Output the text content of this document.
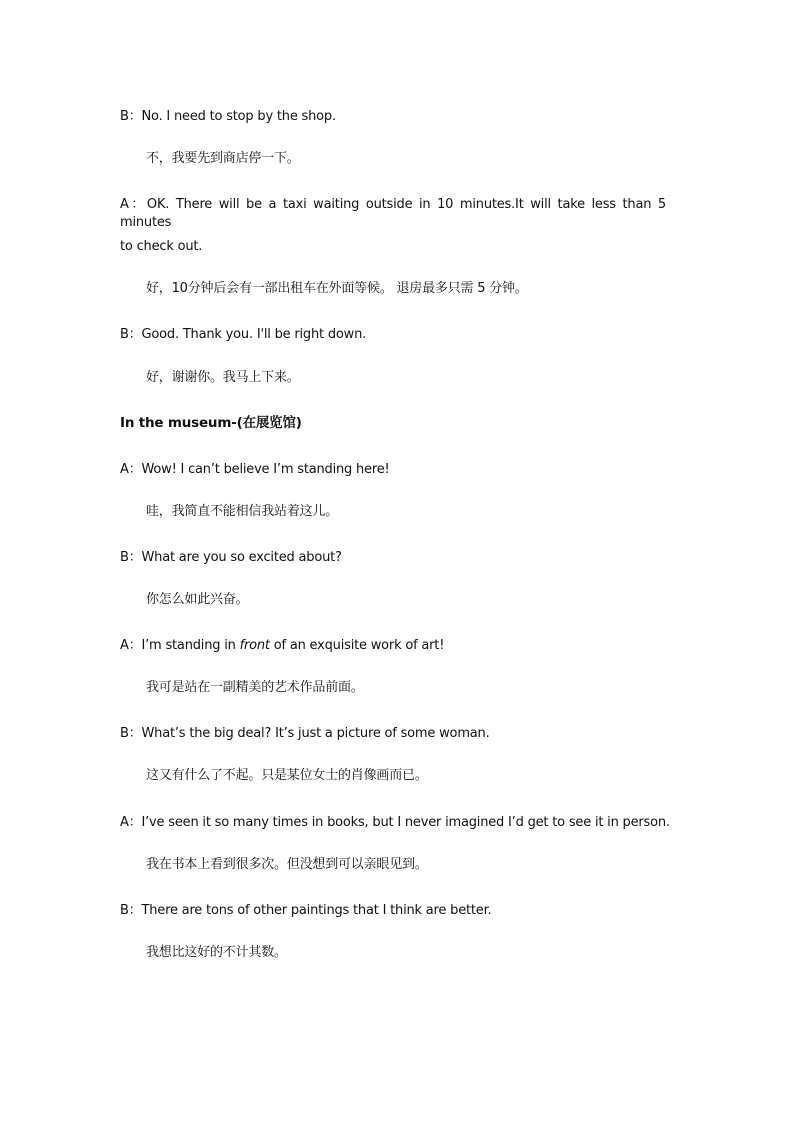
B：No. I need to stop by the shop.
不，我要先到商店停一下。
A：OK. There will be a taxi waiting outside in 10 minutes.It will take less than 5 minutes
to check out.
好，10分钟后会有一部出租车在外面等候。 退房最多只需 5 分钟。
B：Good. Thank you. I'll be right down.
好，谢谢你。我马上下来。
In the museum-(在展览馆)
A：Wow! I can’t believe I’m standing here!
哇，我简直不能相信我站着这儿。
B：What are you so excited about?
你怎么如此兴奋。
A：I’m standing in front of an exquisite work of art!
我可是站在一副精美的艺术作品前面。
B：What’s the big deal? It’s just a picture of some woman.
这又有什么了不起。只是某位女士的肖像画而已。
A：I’ve seen it so many times in books, but I never imagined I’d get to see it in person.
我在书本上看到很多次。但没想到可以亲眼见到。
B：There are tons of other paintings that I think are better.
我想比这好的不计其数。
